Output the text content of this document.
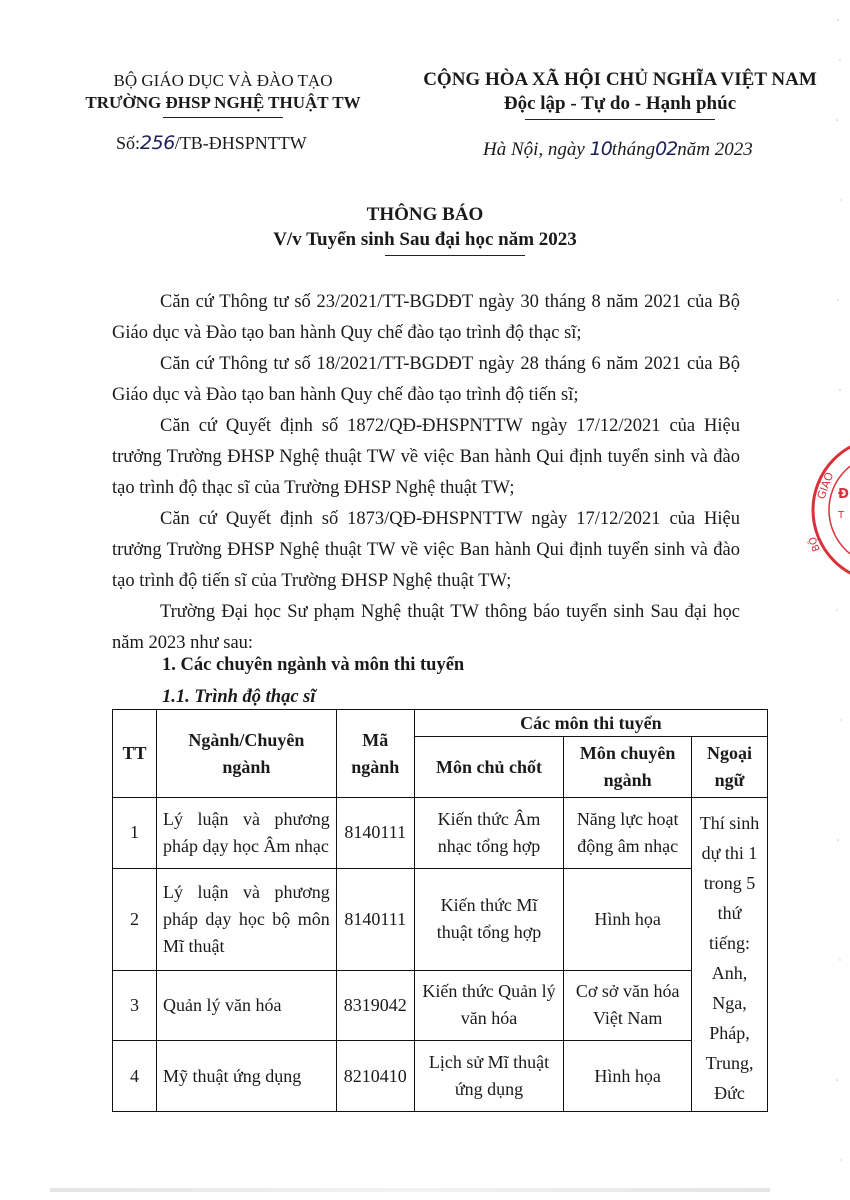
BỘ GIÁO DỤC VÀ ĐÀO TẠO
TRƯỜNG ĐHSP NGHỆ THUẬT TW
CỘNG HÒA XÃ HỘI CHỦ NGHĨA VIỆT NAM
Độc lập - Tự do - Hạnh phúc
Số:256/TB-ĐHSPNTTW	Hà Nội, ngày 10tháng02năm 2023
THÔNG BÁO
V/v Tuyển sinh Sau đại học năm 2023

Căn cứ Thông tư số 23/2021/TT-BGDĐT ngày 30 tháng 8 năm 2021 của Bộ Giáo dục và Đào tạo ban hành Quy chế đào tạo trình độ thạc sĩ;

Căn cứ Thông tư số 18/2021/TT-BGDĐT ngày 28 tháng 6 năm 2021 của Bộ Giáo dục và Đào tạo ban hành Quy chế đào tạo trình độ tiến sĩ;

Căn cứ Quyết định số 1872/QĐ-ĐHSPNTTW ngày 17/12/2021 của Hiệu trưởng Trường ĐHSP Nghệ thuật TW về việc Ban hành Qui định tuyển sinh và đào tạo trình độ thạc sĩ của Trường ĐHSP Nghệ thuật TW;

Căn cứ Quyết định số 1873/QĐ-ĐHSPNTTW ngày 17/12/2021 của Hiệu trưởng Trường ĐHSP Nghệ thuật TW về việc Ban hành Qui định tuyển sinh và đào tạo trình độ tiến sĩ của Trường ĐHSP Nghệ thuật TW;

Trường Đại học Sư phạm Nghệ thuật TW thông báo tuyển sinh Sau đại học năm 2023 như sau:

1. Các chuyên ngành và môn thi tuyển
1.1. Trình độ thạc sĩ
TT	Ngành/Chuyên ngành	Mã ngành	Các môn thi tuyển		
			Môn chủ chốt	Môn chuyên ngành	Ngoại ngữ
1	Lý luận và phương pháp dạy học Âm nhạc	8140111	Kiến thức Âm nhạc tổng hợp	Năng lực hoạt động âm nhạc	Thí sinh dự thi 1 trong 5 thứ tiếng: Anh, Nga, Pháp, Trung, Đức
2	Lý luận và phương pháp dạy học bộ môn Mĩ thuật	8140111	Kiến thức Mĩ thuật tổng hợp	Hình họa	
3	Quản lý văn hóa	8319042	Kiến thức Quản lý văn hóa	Cơ sở văn hóa Việt Nam	
4	Mỹ thuật ứng dụng	8210410	Lịch sử Mĩ thuật ứng dụng	Hình họa	
GIÁO Đ
T
BỘ
